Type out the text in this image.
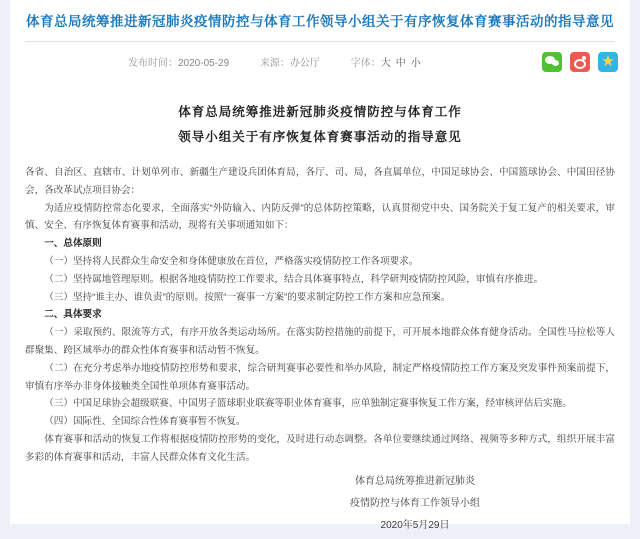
体育总局统筹推进新冠肺炎疫情防控与体育工作领导小组关于有序恢复体育赛事活动的指导意见
发布时间：2020-05-29	来源：办公厅	字体：大 中 小
★
体育总局统筹推进新冠肺炎疫情防控与体育工作
领导小组关于有序恢复体育赛事活动的指导意见

各省、自治区、直辖市、计划单列市、新疆生产建设兵团体育局，各厅、司、局，各直属单位，中国足球协会、中国篮球协会、中国田径协会，各改革试点项目协会：

为适应疫情防控常态化要求，全面落实“外防输入、内防反弹”的总体防控策略，认真贯彻党中央、国务院关于复工复产的相关要求，审慎、安全、有序恢复体育赛事和活动，现将有关事项通知如下：

一、总体原则

（一）坚持将人民群众生命安全和身体健康放在首位，严格落实疫情防控工作各项要求。

（二）坚持属地管理原则。根据各地疫情防控工作要求，结合具体赛事特点，科学研判疫情防控风险，审慎有序推进。

（三）坚持“谁主办、谁负责”的原则。按照“一赛事一方案”的要求制定防控工作方案和应急预案。

二、具体要求

（一）采取预约、限流等方式，有序开放各类运动场所。在落实防控措施的前提下，可开展本地群众体育健身活动。全国性马拉松等人群聚集、跨区域举办的群众性体育赛事和活动暂不恢复。

（二）在充分考虑举办地疫情防控形势和要求，综合研判赛事必要性和举办风险，制定严格疫情防控工作方案及突发事件预案前提下，审慎有序举办非身体接触类全国性单项体育赛事活动。

（三）中国足球协会超级联赛、中国男子篮球职业联赛等职业体育赛事，应单独制定赛事恢复工作方案，经审核评估后实施。

（四）国际性、全国综合性体育赛事暂不恢复。

体育赛事和活动的恢复工作将根据疫情防控形势的变化，及时进行动态调整。各单位要继续通过网络、视频等多种方式，组织开展丰富多彩的体育赛事和活动，丰富人民群众体育文化生活。

体育总局统筹推进新冠肺炎
疫情防控与体育工作领导小组
2020年5月29日
